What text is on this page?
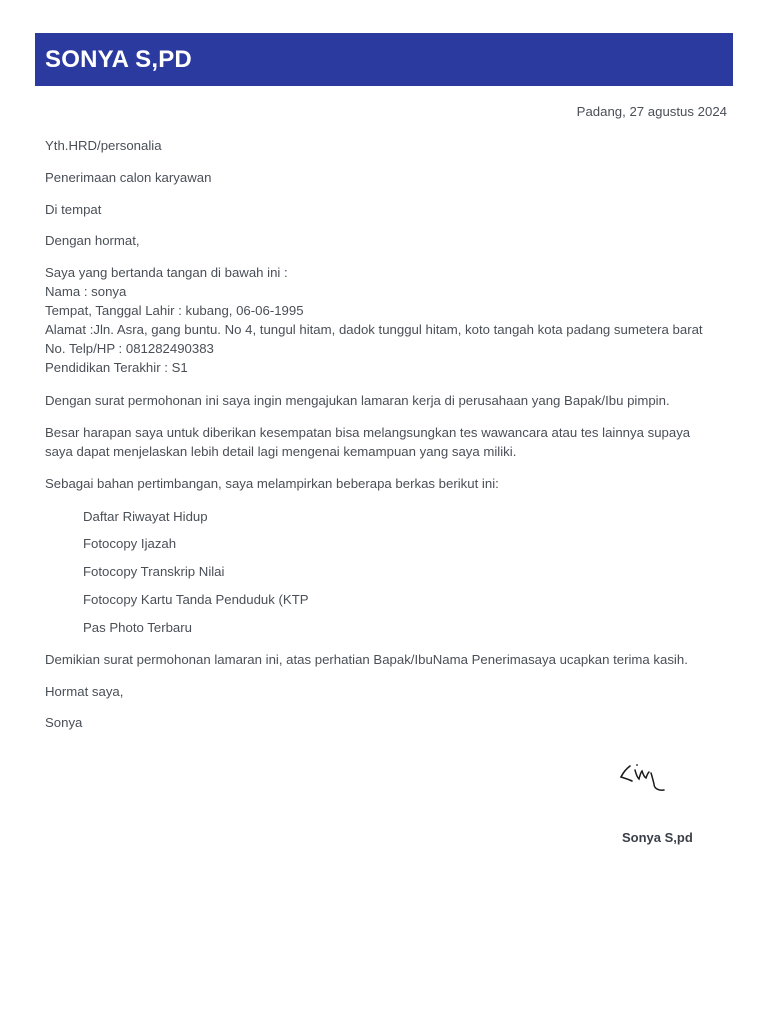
SONYA S,PD
Padang, 27 agustus 2024
Yth.HRD/personalia
Penerimaan calon karyawan
Di tempat
Dengan hormat,
Saya yang bertanda tangan di bawah ini :
Nama : sonya
Tempat, Tanggal Lahir : kubang, 06-06-1995
Alamat :Jln. Asra, gang buntu. No 4, tungul hitam, dadok tunggul hitam, koto tangah kota padang sumetera barat
No. Telp/HP : 081282490383
Pendidikan Terakhir : S1
Dengan surat permohonan ini saya ingin mengajukan lamaran kerja di perusahaan yang Bapak/Ibu pimpin.
Besar harapan saya untuk diberikan kesempatan bisa melangsungkan tes wawancara atau tes lainnya supaya
saya dapat menjelaskan lebih detail lagi mengenai kemampuan yang saya miliki.
Sebagai bahan pertimbangan, saya melampirkan beberapa berkas berikut ini:
Daftar Riwayat Hidup
Fotocopy Ijazah
Fotocopy Transkrip Nilai
Fotocopy Kartu Tanda Penduduk (KTP
Pas Photo Terbaru
Demikian surat permohonan lamaran ini, atas perhatian Bapak/IbuNama Penerimasaya ucapkan terima kasih.
Hormat saya,
Sonya
Sonya S,pd
